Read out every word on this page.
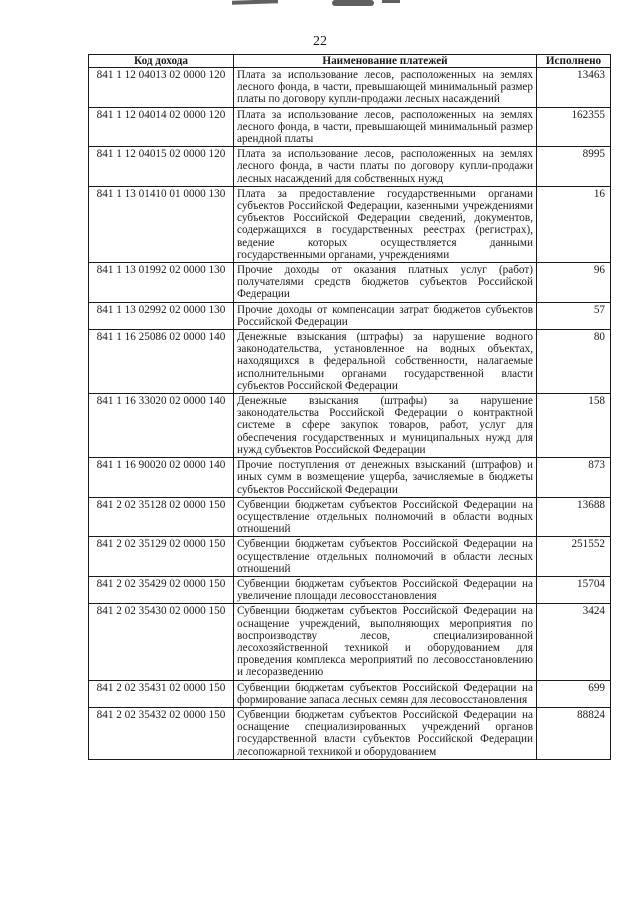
22
Код дохода	Наименование платежей	Исполнено
841 1 12 04013 02 0000 120	Плата за использование лесов, расположенных на землях лесного фонда, в части, превышающей минимальный размер платы по договору купли-продажи лесных насаждений	13463
841 1 12 04014 02 0000 120	Плата за использование лесов, расположенных на землях лесного фонда, в части, превышающей минимальный размер арендной платы	162355
841 1 12 04015 02 0000 120	Плата за использование лесов, расположенных на землях лесного фонда, в части платы по договору купли-продажи лесных насаждений для собственных нужд	8995
841 1 13 01410 01 0000 130	Плата за предоставление государственными органами субъектов Российской Федерации, казенными учреждениями субъектов Российской Федерации сведений, документов, содержащихся в государственных реестрах (регистрах), ведение которых осуществляется данными государственными органами, учреждениями	16
841 1 13 01992 02 0000 130	Прочие доходы от оказания платных услуг (работ) получателями средств бюджетов субъектов Российской Федерации	96
841 1 13 02992 02 0000 130	Прочие доходы от компенсации затрат бюджетов субъектов Российской Федерации	57
841 1 16 25086 02 0000 140	Денежные взыскания (штрафы) за нарушение водного законодательства, установленное на водных объектах, находящихся в федеральной собственности, налагаемые исполнительными органами государственной власти субъектов Российской Федерации	80
841 1 16 33020 02 0000 140	Денежные взыскания (штрафы) за нарушение законодательства Российской Федерации о контрактной системе в сфере закупок товаров, работ, услуг для обеспечения государственных и муниципальных нужд для нужд субъектов Российской Федерации	158
841 1 16 90020 02 0000 140	Прочие поступления от денежных взысканий (штрафов) и иных сумм в возмещение ущерба, зачисляемые в бюджеты субъектов Российской Федерации	873
841 2 02 35128 02 0000 150	Субвенции бюджетам субъектов Российской Федерации на осуществление отдельных полномочий в области водных отношений	13688
841 2 02 35129 02 0000 150	Субвенции бюджетам субъектов Российской Федерации на осуществление отдельных полномочий в области лесных отношений	251552
841 2 02 35429 02 0000 150	Субвенции бюджетам субъектов Российской Федерации на увеличение площади лесовосстановления	15704
841 2 02 35430 02 0000 150	Субвенции бюджетам субъектов Российской Федерации на оснащение учреждений, выполняющих мероприятия по воспроизводству лесов, специализированной лесохозяйственной техникой и оборудованием для проведения комплекса мероприятий по лесовосстановлению и лесоразведению	3424
841 2 02 35431 02 0000 150	Субвенции бюджетам субъектов Российской Федерации на формирование запаса лесных семян для лесовосстановления	699
841 2 02 35432 02 0000 150	Субвенции бюджетам субъектов Российской Федерации на оснащение специализированных учреждений органов государственной власти субъектов Российской Федерации лесопожарной техникой и оборудованием	88824
